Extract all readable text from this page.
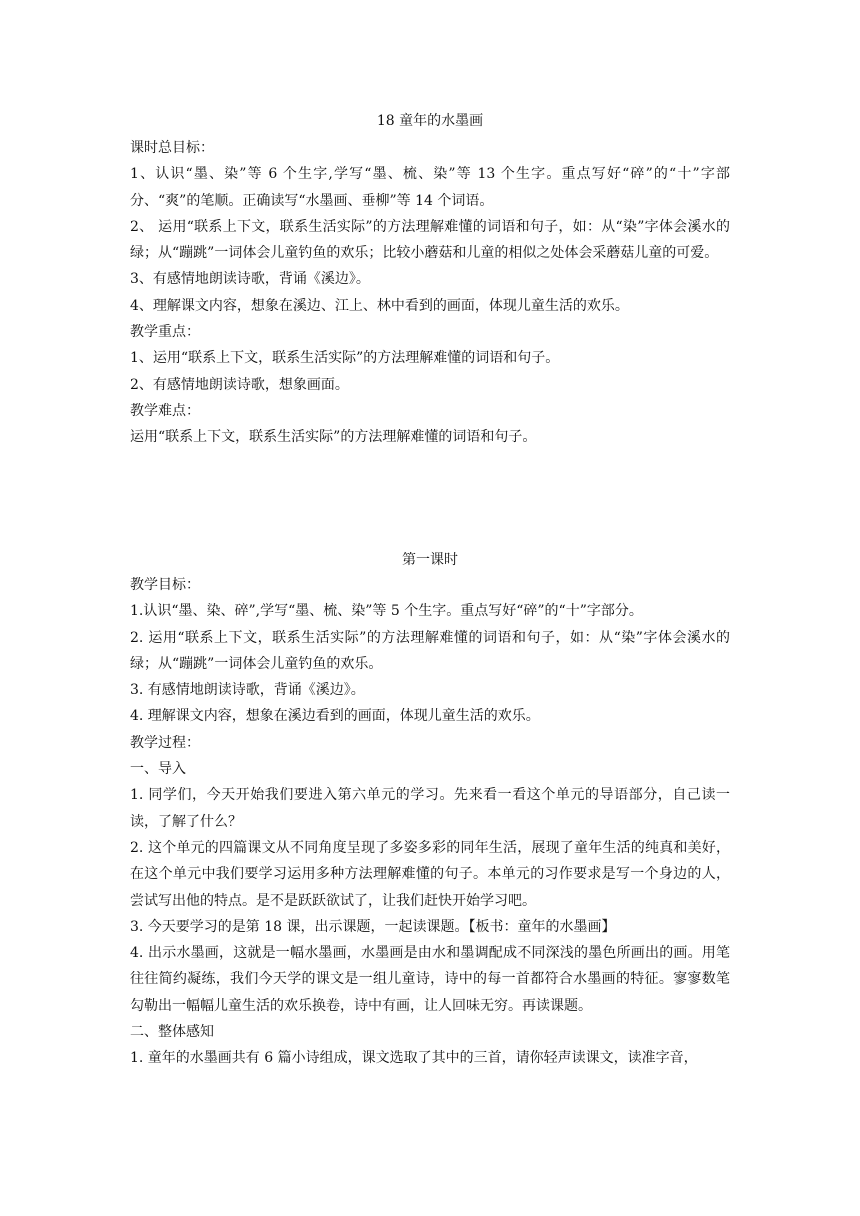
18 童年的水墨画

课时总目标：

1、认识“墨、染”等 6 个生字,学写“墨、梳、染”等 13 个生字。重点写好“碎”的“十”字部分、“爽”的笔顺。正确读写“水墨画、垂柳”等 14 个词语。

2、 运用“联系上下文，联系生活实际”的方法理解难懂的词语和句子，如：从“染”字体会溪水的绿；从“蹦跳”一词体会儿童钓鱼的欢乐；比较小蘑菇和儿童的相似之处体会采蘑菇儿童的可爱。

3、有感情地朗读诗歌，背诵《溪边》。

4、理解课文内容，想象在溪边、江上、林中看到的画面，体现儿童生活的欢乐。

教学重点：

1、运用“联系上下文，联系生活实际”的方法理解难懂的词语和句子。

2、有感情地朗读诗歌，想象画面。

教学难点：

运用“联系上下文，联系生活实际”的方法理解难懂的词语和句子。

第一课时

教学目标：

1.认识“墨、染、碎”,学写“墨、梳、染”等 5 个生字。重点写好“碎”的“十”字部分。

2. 运用“联系上下文，联系生活实际”的方法理解难懂的词语和句子，如：从“染”字体会溪水的绿；从“蹦跳”一词体会儿童钓鱼的欢乐。

3. 有感情地朗读诗歌，背诵《溪边》。

4. 理解课文内容，想象在溪边看到的画面，体现儿童生活的欢乐。

教学过程：

一、导入

1. 同学们，今天开始我们要进入第六单元的学习。先来看一看这个单元的导语部分，自己读一读，了解了什么？

2. 这个单元的四篇课文从不同角度呈现了多姿多彩的同年生活，展现了童年生活的纯真和美好，在这个单元中我们要学习运用多种方法理解难懂的句子。本单元的习作要求是写一个身边的人，尝试写出他的特点。是不是跃跃欲试了，让我们赶快开始学习吧。

3. 今天要学习的是第 18 课，出示课题，一起读课题。【板书：童年的水墨画】

4. 出示水墨画，这就是一幅水墨画，水墨画是由水和墨调配成不同深浅的墨色所画出的画。用笔往往简约凝练，我们今天学的课文是一组儿童诗，诗中的每一首都符合水墨画的特征。寥寥数笔勾勒出一幅幅儿童生活的欢乐换卷，诗中有画，让人回味无穷。再读课题。

二、整体感知

1. 童年的水墨画共有 6 篇小诗组成，课文选取了其中的三首，请你轻声读课文，读准字音，
